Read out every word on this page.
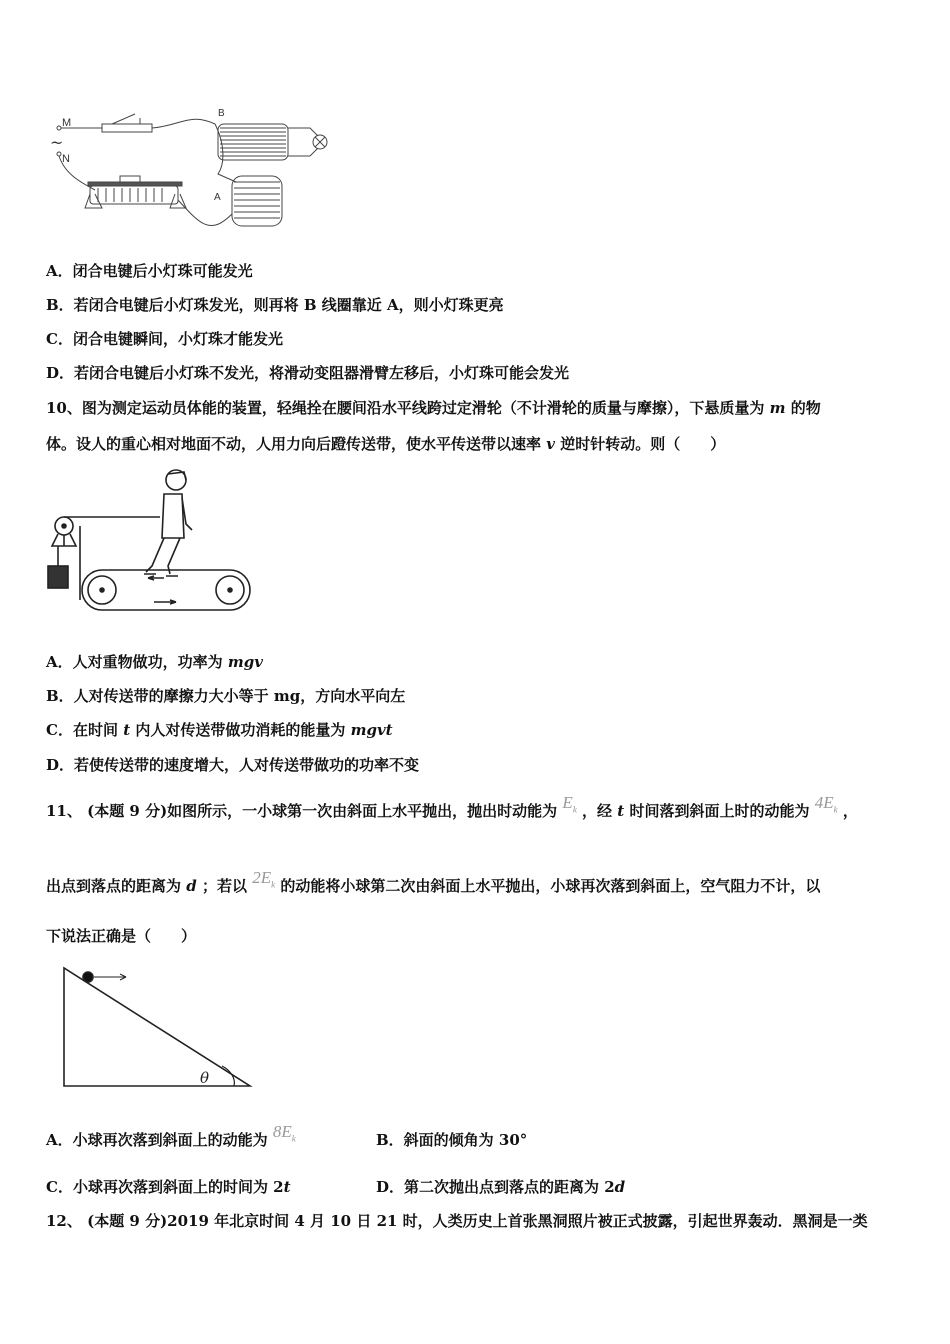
M
~
N
B
A
A．闭合电键后小灯珠可能发光
B．若闭合电键后小灯珠发光，则再将 B 线圈靠近 A，则小灯珠更亮
C．闭合电键瞬间，小灯珠才能发光
D．若闭合电键后小灯珠不发光，将滑动变阻器滑臂左移后，小灯珠可能会发光
10、图为测定运动员体能的装置，轻绳拴在腰间沿水平线跨过定滑轮（不计滑轮的质量与摩擦），下悬质量为 m 的物
体。设人的重心相对地面不动，人用力向后蹬传送带，使水平传送带以速率 v 逆时针转动。则（　　）
A．人对重物做功，功率为 mgv
B．人对传送带的摩擦力大小等于 mg，方向水平向左
C．在时间 t 内人对传送带做功消耗的能量为 mgvt
D．若使传送带的速度增大，人对传送带做功的功率不变
11、 (本题 9 分)如图所示，一小球第一次由斜面上水平抛出，抛出时动能为 $E_k$ ，经 t 时间落到斜面上时的动能为 $4E_k$ ，
出点到落点的距离为 d ；若以 $2E_k$ 的动能将小球第二次由斜面上水平抛出，小球再次落到斜面上，空气阻力不计，以
下说法正确是（　　）
θ
A．小球再次落到斜面上的动能为 $8E_k$	B．斜面的倾角为 30°
C．小球再次落到斜面上的时间为 2t	D．第二次抛出点到落点的距离为 2d
12、 (本题 9 分)2019 年北京时间 4 月 10 日 21 时，人类历史上首张黑洞照片被正式披露，引起世界轰动．黑洞是一类
